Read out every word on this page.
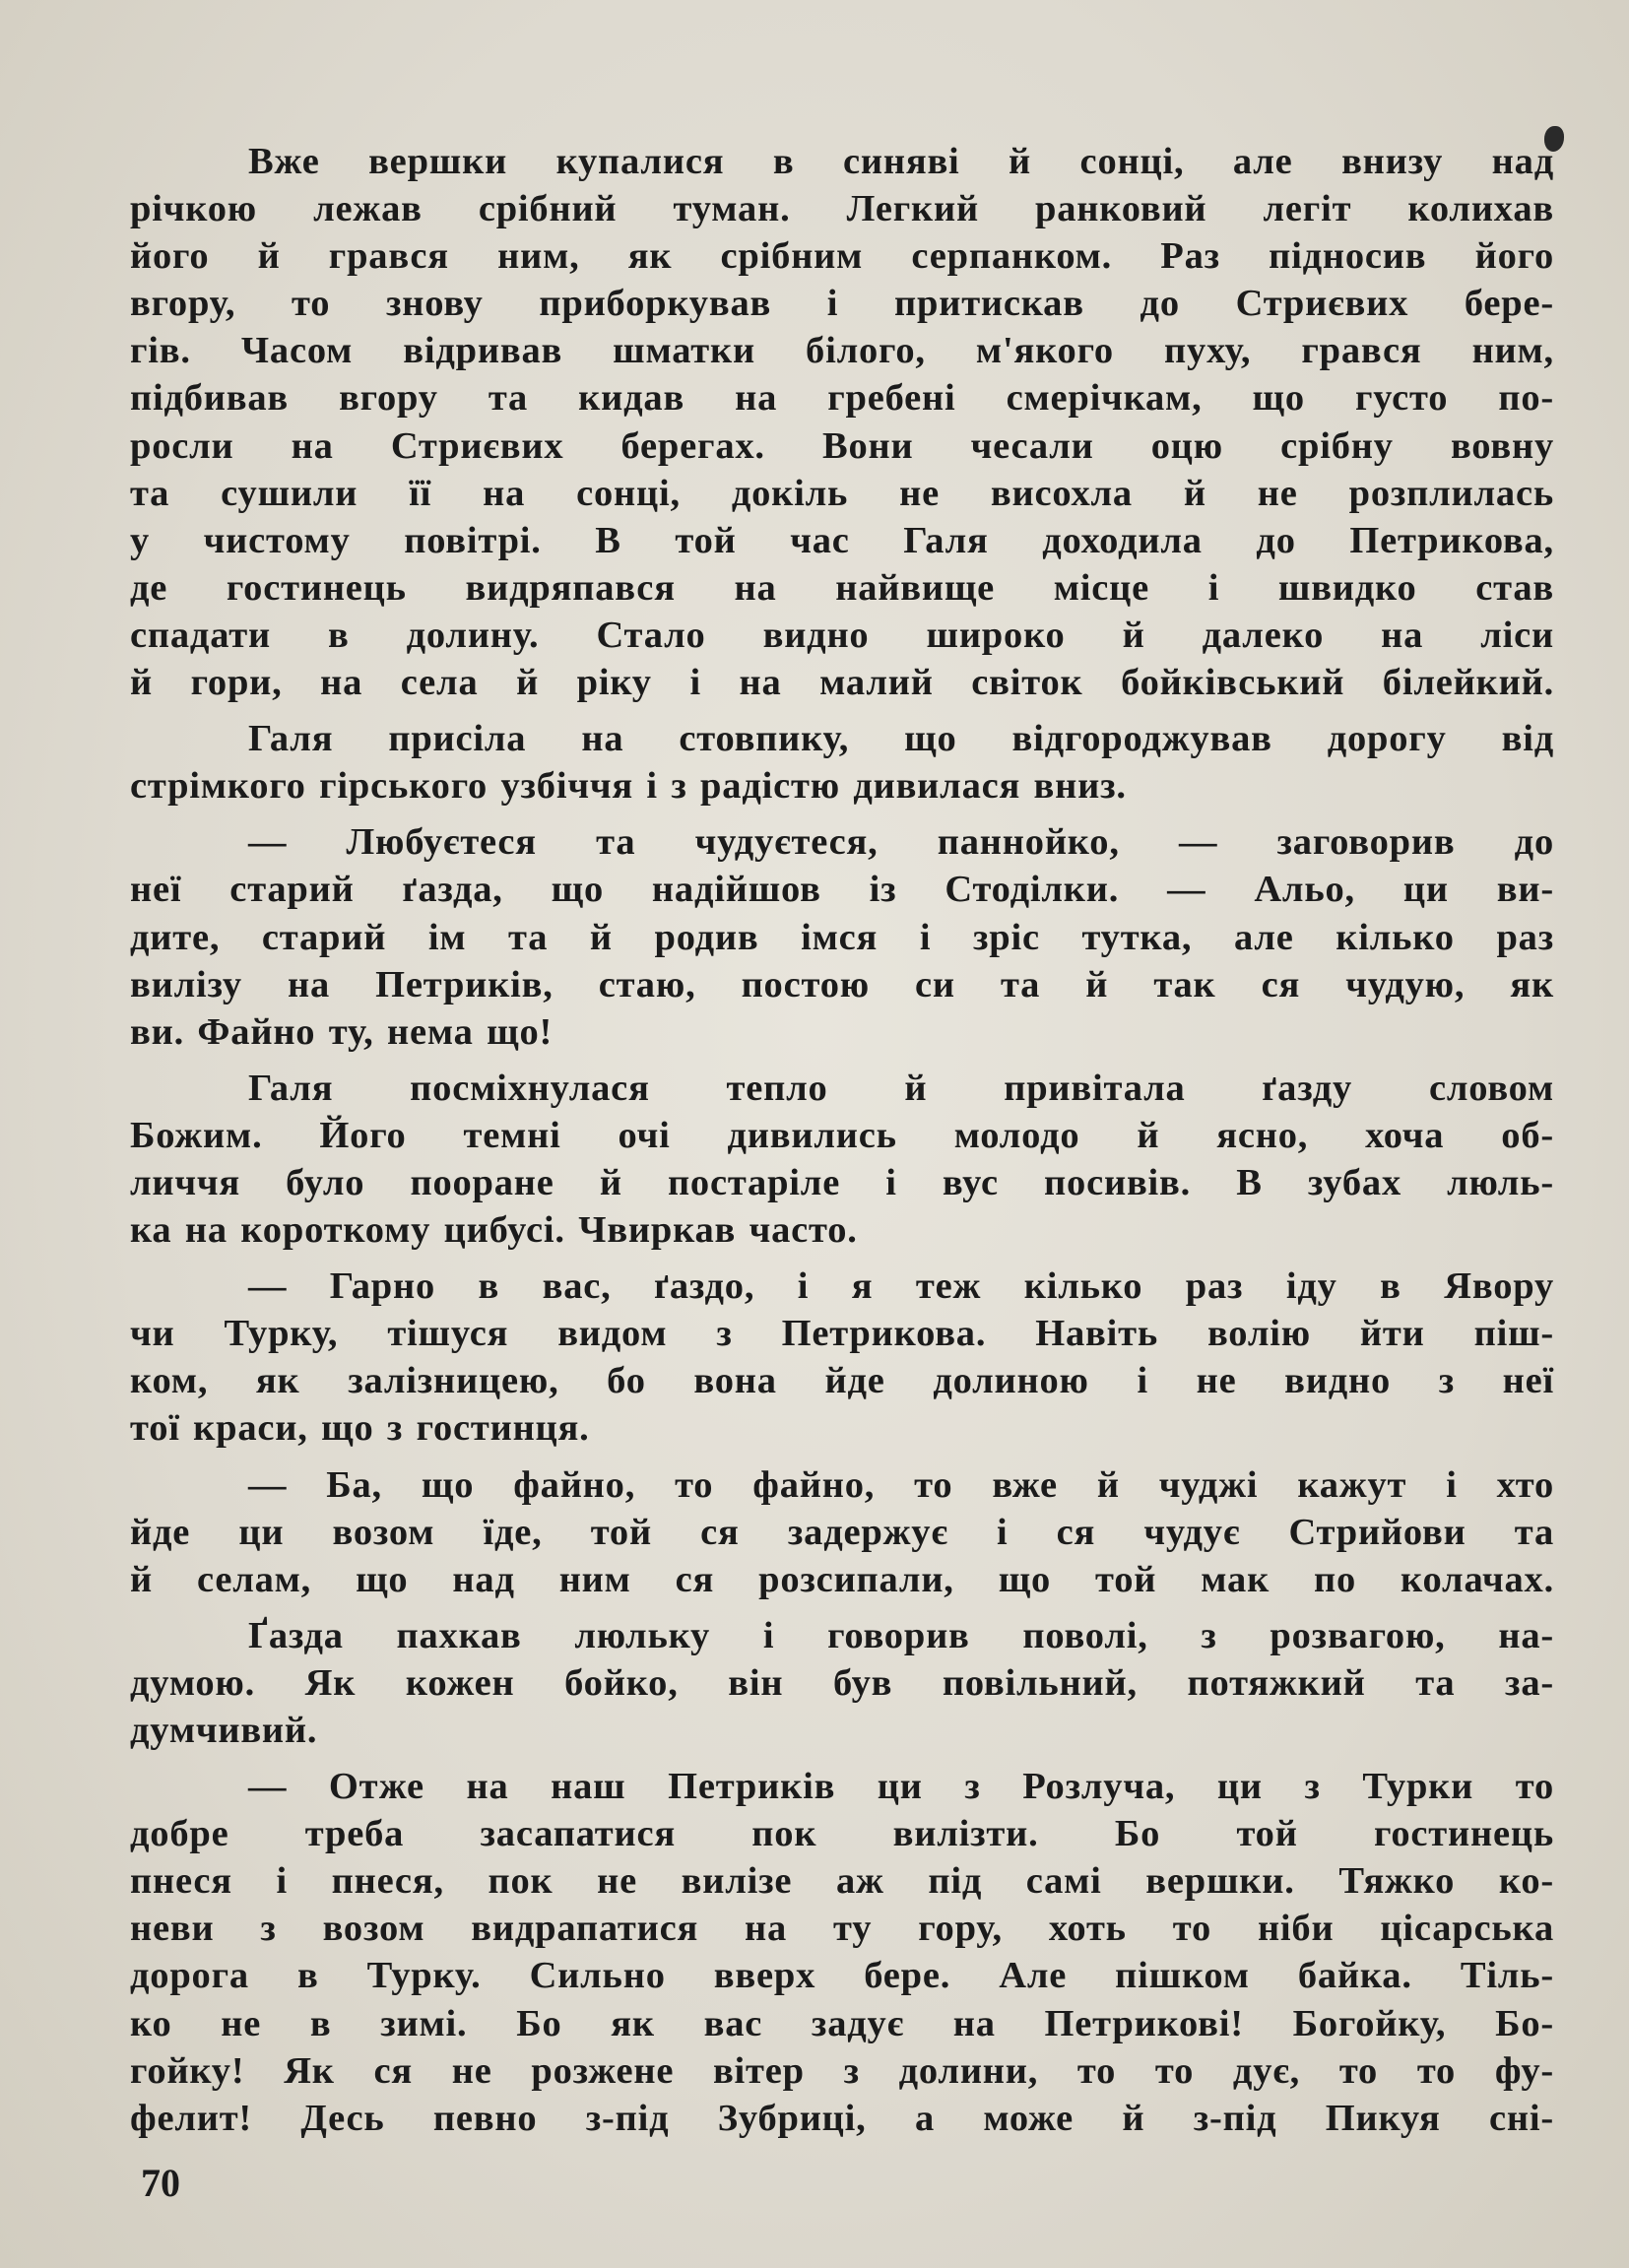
Вже вершки купалися в синяві й сонці, але внизу над
річкою лежав срібний туман. Легкий ранковий легіт колихав
його й грався ним, як срібним серпанком. Раз підносив його
вгору, то знову приборкував і притискав до Стриєвих бере-
гів. Часом відривав шматки білого, м'якого пуху, грався ним,
підбивав вгору та кидав на гребені смерічкам, що густо по-
росли на Стриєвих берегах. Вони чесали оцю срібну вовну
та сушили її на сонці, докіль не висохла й не розплилась
у чистому повітрі. В той час Галя доходила до Петрикова,
де гостинець видряпався на найвище місце і швидко став
спадати в долину. Стало видно широко й далеко на ліси
й гори, на села й ріку і на малий світок бойківський білейкий.

Галя присіла на стовпику, що відгороджував дорогу від
стрімкого гірського узбіччя і з радістю дивилася вниз.

— Любуєтеся та чудуєтеся, паннойко, — заговорив до
неї старий ґазда, що надійшов із Стоділки. — Альо, ци ви-
дите, старий ім та й родив імся і зріс тутка, але кілько раз
вилізу на Петриків, стаю, постою си та й так ся чудую, як
ви. Файно ту, нема що!

Галя посміхнулася тепло й привітала ґазду словом
Божим. Його темні очі дивились молодо й ясно, хоча об-
личчя було пооране й постаріле і вус посивів. В зубах люль-
ка на короткому цибусі. Чвиркав часто.

— Гарно в вас, ґаздо, і я теж кілько раз іду в Явору
чи Турку, тішуся видом з Петрикова. Навіть волію йти піш-
ком, як залізницею, бо вона йде долиною і не видно з неї
тої краси, що з гостинця.

— Ба, що файно, то файно, то вже й чуджі кажут і хто
йде ци возом їде, той ся задержує і ся чудує Стрийови та
й селам, що над ним ся розсипали, що той мак по колачах.

Ґазда пахкав люльку і говорив поволі, з розвагою, на-
думою. Як кожен бойко, він був повільний, потяжкий та за-
думчивий.

— Отже на наш Петриків ци з Розлуча, ци з Турки то
добре треба засапатися пок вилізти. Бо той гостинець
пнеся і пнеся, пок не вилізе аж під самі вершки. Тяжко ко-
неви з возом видрапатися на ту гору, хоть то ніби цісарська
дорога в Турку. Сильно вверх бере. Але пішком байка. Тіль-
ко не в зимі. Бо як вас задує на Петрикові! Богойку, Бо-
гойку! Як ся не розжене вітер з долини, то то дує, то то фу-
фелит! Десь певно з-під Зубриці, а може й з-під Пикуя сні-

70
